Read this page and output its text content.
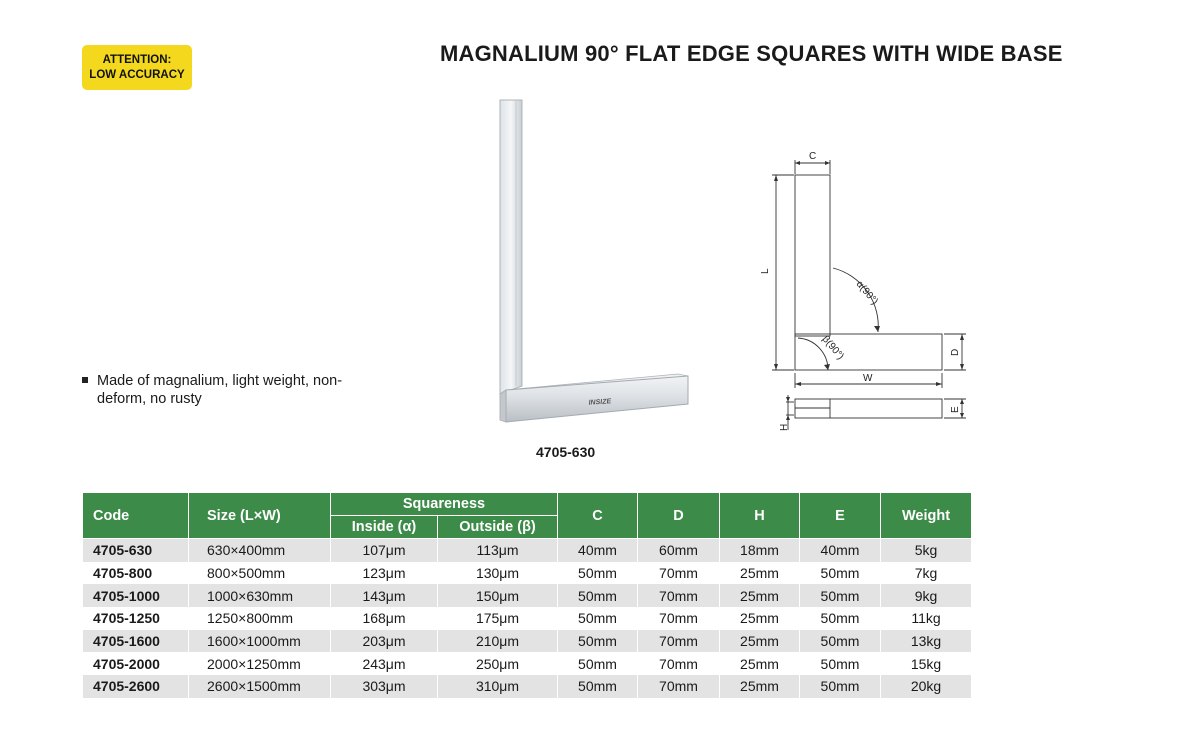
ATTENTION:
LOW ACCURACY
MAGNALIUM 90° FLAT EDGE SQUARES WITH WIDE BASE
Made of magnalium, light weight, non-deform, no rusty	INSIZE
4705-630
C
L
W
D
E
H
α(90°)
β(90°)
Code	Size (L×W)	Squareness		C	D	H	E	Weight
		Inside (α)	Outside (β)					
4705-630	630×400mm	107μm	113μm	40mm	60mm	18mm	40mm	5kg
4705-800	800×500mm	123μm	130μm	50mm	70mm	25mm	50mm	7kg
4705-1000	1000×630mm	143μm	150μm	50mm	70mm	25mm	50mm	9kg
4705-1250	1250×800mm	168μm	175μm	50mm	70mm	25mm	50mm	11kg
4705-1600	1600×1000mm	203μm	210μm	50mm	70mm	25mm	50mm	13kg
4705-2000	2000×1250mm	243μm	250μm	50mm	70mm	25mm	50mm	15kg
4705-2600	2600×1500mm	303μm	310μm	50mm	70mm	25mm	50mm	20kg
